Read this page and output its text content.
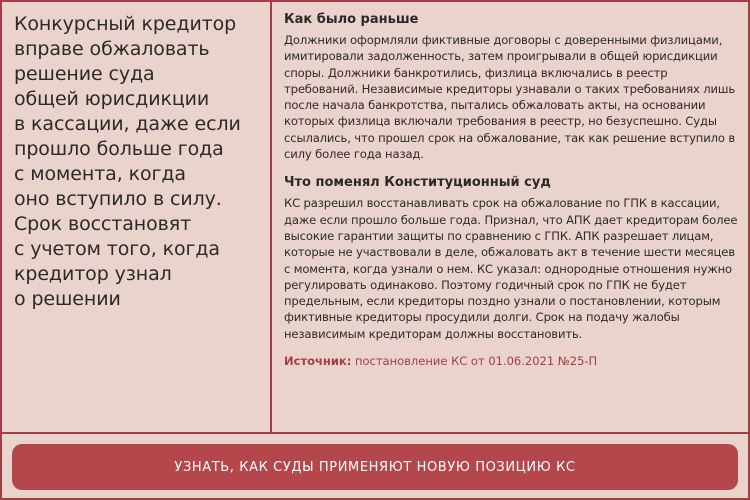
Конкурсный кредитор
вправе обжаловать
решение суда
общей юрисдикции
в кассации, даже если
прошло больше года
с момента, когда
оно вступило в силу.
Срок восстановят
с учетом того, когда
кредитор узнал
о решении

Как было раньше

Должники оформляли фиктивные договоры с доверенными физлицами, имитировали задолженность, затем проигрывали в общей юрисдикции споры. Должники банкротились, физлица включались в реестр требований. Независимые кредиторы узнавали о таких требованиях лишь после начала банкротства, пытались обжаловать акты, на основании которых физлица включали требования в реестр, но безуспешно. Суды ссылались, что прошел срок на обжалование, так как решение вступило в силу более года назад.

Что поменял Конституционный суд

КС разрешил восстанавливать срок на обжалование по ГПК в кассации, даже если прошло больше года. Признал, что АПК дает кредиторам более высокие гарантии защиты по сравнению с ГПК. АПК разрешает лицам, которые не участвовали в деле, обжаловать акт в течение шести месяцев с момента, когда узнали о нем. КС указал: однородные отношения нужно регулировать одинаково. Поэтому годичный срок по ГПК не будет предельным, если кредиторы поздно узнали о постановлении, которым фиктивные кредиторы просудили долги. Срок на подачу жалобы независимым кредиторам должны восстановить.

Источник: постановление КС от 01.06.2021 №25-П
УЗНАТЬ, КАК СУДЫ ПРИМЕНЯЮТ НОВУЮ ПОЗИЦИЮ КС
